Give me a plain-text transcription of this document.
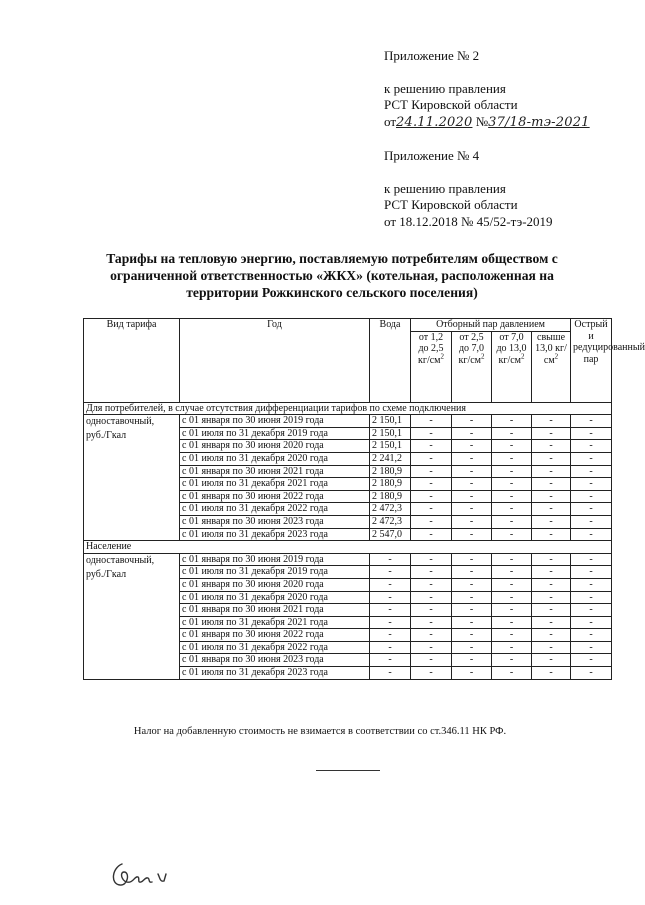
Приложение № 2
к решению правления
РСТ Кировской области
от24.11.2020 №37/18-тэ-2021
Приложение № 4
к решению правления
РСТ Кировской области
от 18.12.2018 № 45/52-тэ-2019
Тарифы на тепловую энергию, поставляемую потребителям обществом с
ограниченной ответственностью «ЖКХ» (котельная, расположенная на
территории Рожкинского сельского поселения)
Вид тарифа	Год	Вода	Отборный пар давлением				Острый и редуцированный пар
			от 1,2 до 2,5 $кг/см^2$	от 2,5 до 7,0 $кг/см^2$	от 7,0 до 13,0 $кг/см^2$	свыше 13,0 $кг/см^2$
Для потребителей, в случае отсутствия дифференциации тарифов по схеме подключения							

одноставочный,
руб./Гкал	с 01 января по 30 июня 2019 года	2 150,1	-	-	-	-	-
	с 01 июля по 31 декабря 2019 года	2 150,1	-	-	-	-	-
	с 01 января по 30 июня 2020 года	2 150,1	-	-	-	-	-
	с 01 июля по 31 декабря 2020 года	2 241,2	-	-	-	-	-
	с 01 января по 30 июня 2021 года	2 180,9	-	-	-	-	-
	с 01 июля по 31 декабря 2021 года	2 180,9	-	-	-	-	-
	с 01 января по 30 июня 2022 года	2 180,9	-	-	-	-	-
	с 01 июля по 31 декабря 2022 года	2 472,3	-	-	-	-	-
	с 01 января по 30 июня 2023 года	2 472,3	-	-	-	-	-
	с 01 июля по 31 декабря 2023 года	2 547,0	-	-	-	-	-
Население							

одноставочный,
руб./Гкал	с 01 января по 30 июня 2019 года	-	-	-	-	-	-
	с 01 июля по 31 декабря 2019 года	-	-	-	-	-	-
	с 01 января по 30 июня 2020 года	-	-	-	-	-	-
	с 01 июля по 31 декабря 2020 года	-	-	-	-	-	-
	с 01 января по 30 июня 2021 года	-	-	-	-	-	-
	с 01 июля по 31 декабря 2021 года	-	-	-	-	-	-
	с 01 января по 30 июня 2022 года	-	-	-	-	-	-
	с 01 июля по 31 декабря 2022 года	-	-	-	-	-	-
	с 01 января по 30 июня 2023 года	-	-	-	-	-	-
	с 01 июля по 31 декабря 2023 года	-	-	-	-	-	-
Налог на добавленную стоимость не взимается в соответствии со ст.346.11 НК РФ.
